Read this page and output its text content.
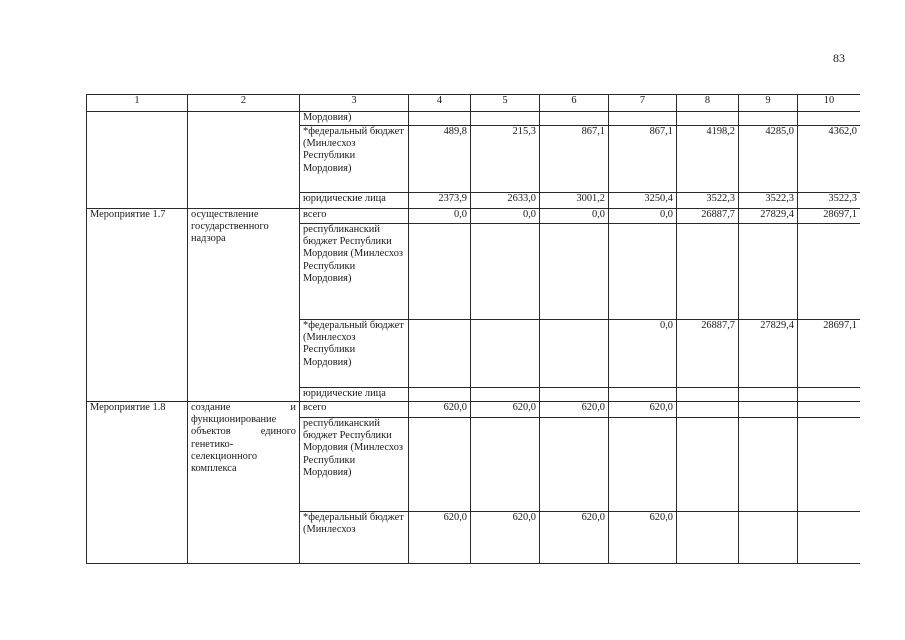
83
1	2	3	4	5	6	7	8	9	10
		Мордовия)							
		*федеральный бюджет (Минлесхоз Республики Мордовия)	489,8	215,3	867,1	867,1	4198,2	4285,0	4362,0
		юридические лица	2373,9	2633,0	3001,2	3250,4	3522,3	3522,3	3522,3
Мероприятие 1.7	осуществление государственного надзора	всего	0,0	0,0	0,0	0,0	26887,7	27829,4	28697,1
		республиканский бюджет Республики Мордовия (Минлесхоз Республики Мордовия)							
		*федеральный бюджет (Минлесхоз Республики Мордовия)				0,0	26887,7	27829,4	28697,1
		юридические лица							
Мероприятие 1.8	создание и функционирование объектов единого генетико-селекционного комплекса	всего	620,0	620,0	620,0	620,0			
		республиканский бюджет Республики Мордовия (Минлесхоз Республики Мордовия)							
		*федеральный бюджет (Минлесхоз	620,0	620,0	620,0	620,0			
